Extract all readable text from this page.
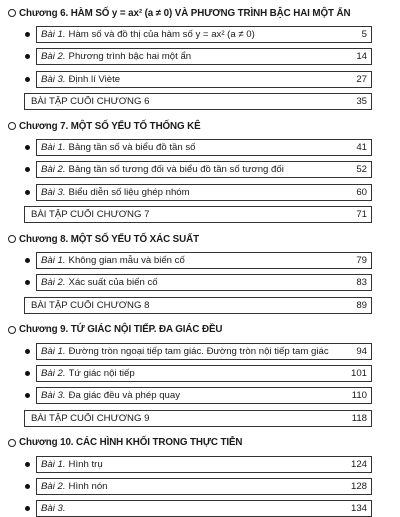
Chương 6. HÀM SỐ y = ax² (a ≠ 0) VÀ PHƯƠNG TRÌNH BẬC HAI MỘT ẨN
Bài 1. Hàm số và đồ thị của hàm số y = ax² (a ≠ 0)	5
Bài 2. Phương trình bậc hai một ẩn	14
Bài 3. Định lí Viète	27
BÀI TẬP CUỐI CHƯƠNG 6	35
Chương 7. MỘT SỐ YẾU TỐ THỐNG KÊ
Bài 1. Bảng tần số và biểu đồ tần số	41
Bài 2. Bảng tần số tương đối và biểu đồ tần số tương đối	52
Bài 3. Biểu diễn số liệu ghép nhóm	60
BÀI TẬP CUỐI CHƯƠNG 7	71
Chương 8. MỘT SỐ YẾU TỐ XÁC SUẤT
Bài 1. Không gian mẫu và biến cố	79
Bài 2. Xác suất của biến cố	83
BÀI TẬP CUỐI CHƯƠNG 8	89
Chương 9. TỨ GIÁC NỘI TIẾP. ĐA GIÁC ĐỀU
Bài 1. Đường tròn ngoại tiếp tam giác. Đường tròn nội tiếp tam giác	94
Bài 2. Tứ giác nội tiếp	101
Bài 3. Đa giác đều và phép quay	110
BÀI TẬP CUỐI CHƯƠNG 9	118
Chương 10. CÁC HÌNH KHỐI TRONG THỰC TIỄN
Bài 1. Hình trụ	124
Bài 2. Hình nón	128
Bài 3.	134
